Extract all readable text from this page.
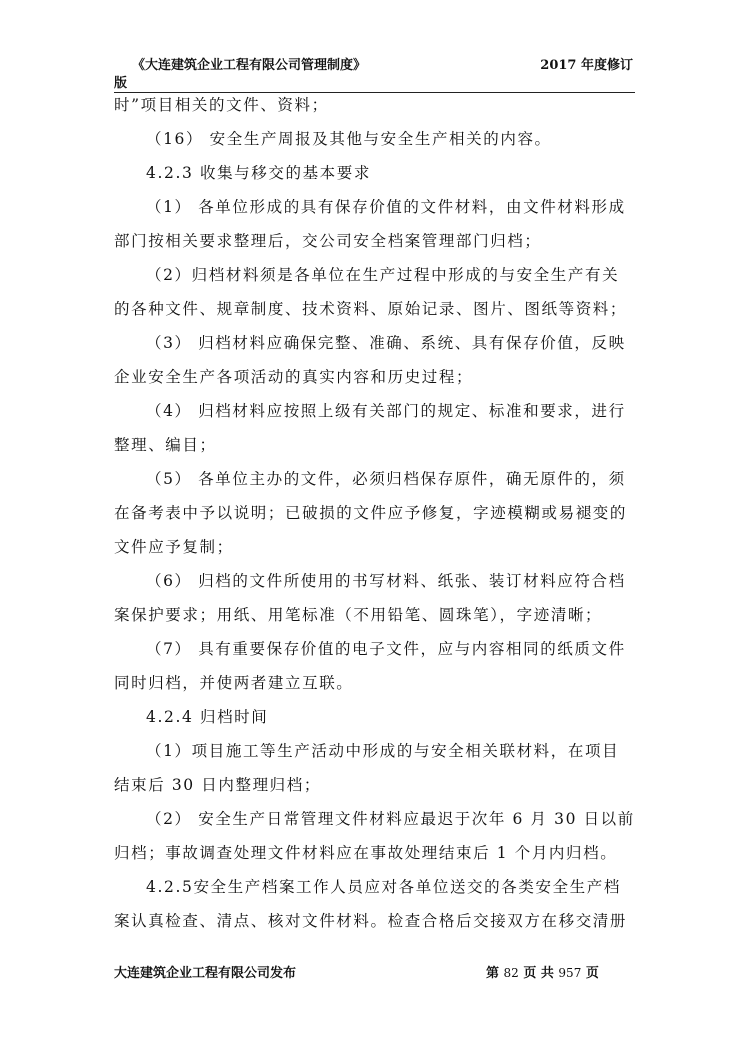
《大连建筑企业工程有限公司管理制度》	2017 年度修订
版
时”项目相关的文件、资料；
（16） 安全生产周报及其他与安全生产相关的内容。
4.2.3 收集与移交的基本要求
（1） 各单位形成的具有保存价值的文件材料，由文件材料形成
部门按相关要求整理后，交公司安全档案管理部门归档；
（2）归档材料须是各单位在生产过程中形成的与安全生产有关
的各种文件、规章制度、技术资料、原始记录、图片、图纸等资料；
（3） 归档材料应确保完整、准确、系统、具有保存价值，反映
企业安全生产各项活动的真实内容和历史过程；
（4） 归档材料应按照上级有关部门的规定、标准和要求，进行
整理、编目；
（5） 各单位主办的文件，必须归档保存原件，确无原件的，须
在备考表中予以说明；已破损的文件应予修复，字迹模糊或易褪变的
文件应予复制；
（6） 归档的文件所使用的书写材料、纸张、装订材料应符合档
案保护要求；用纸、用笔标准（不用铅笔、圆珠笔），字迹清晰；
（7） 具有重要保存价值的电子文件，应与内容相同的纸质文件
同时归档，并使两者建立互联。
4.2.4 归档时间
（1）项目施工等生产活动中形成的与安全相关联材料，在项目
结束后 30 日内整理归档；
（2） 安全生产日常管理文件材料应最迟于次年 6 月 30 日以前
归档；事故调查处理文件材料应在事故处理结束后 1 个月内归档。
4.2.5安全生产档案工作人员应对各单位送交的各类安全生产档
案认真检查、清点、核对文件材料。检查合格后交接双方在移交清册
大连建筑企业工程有限公司发布	第 82 页 共 957 页
